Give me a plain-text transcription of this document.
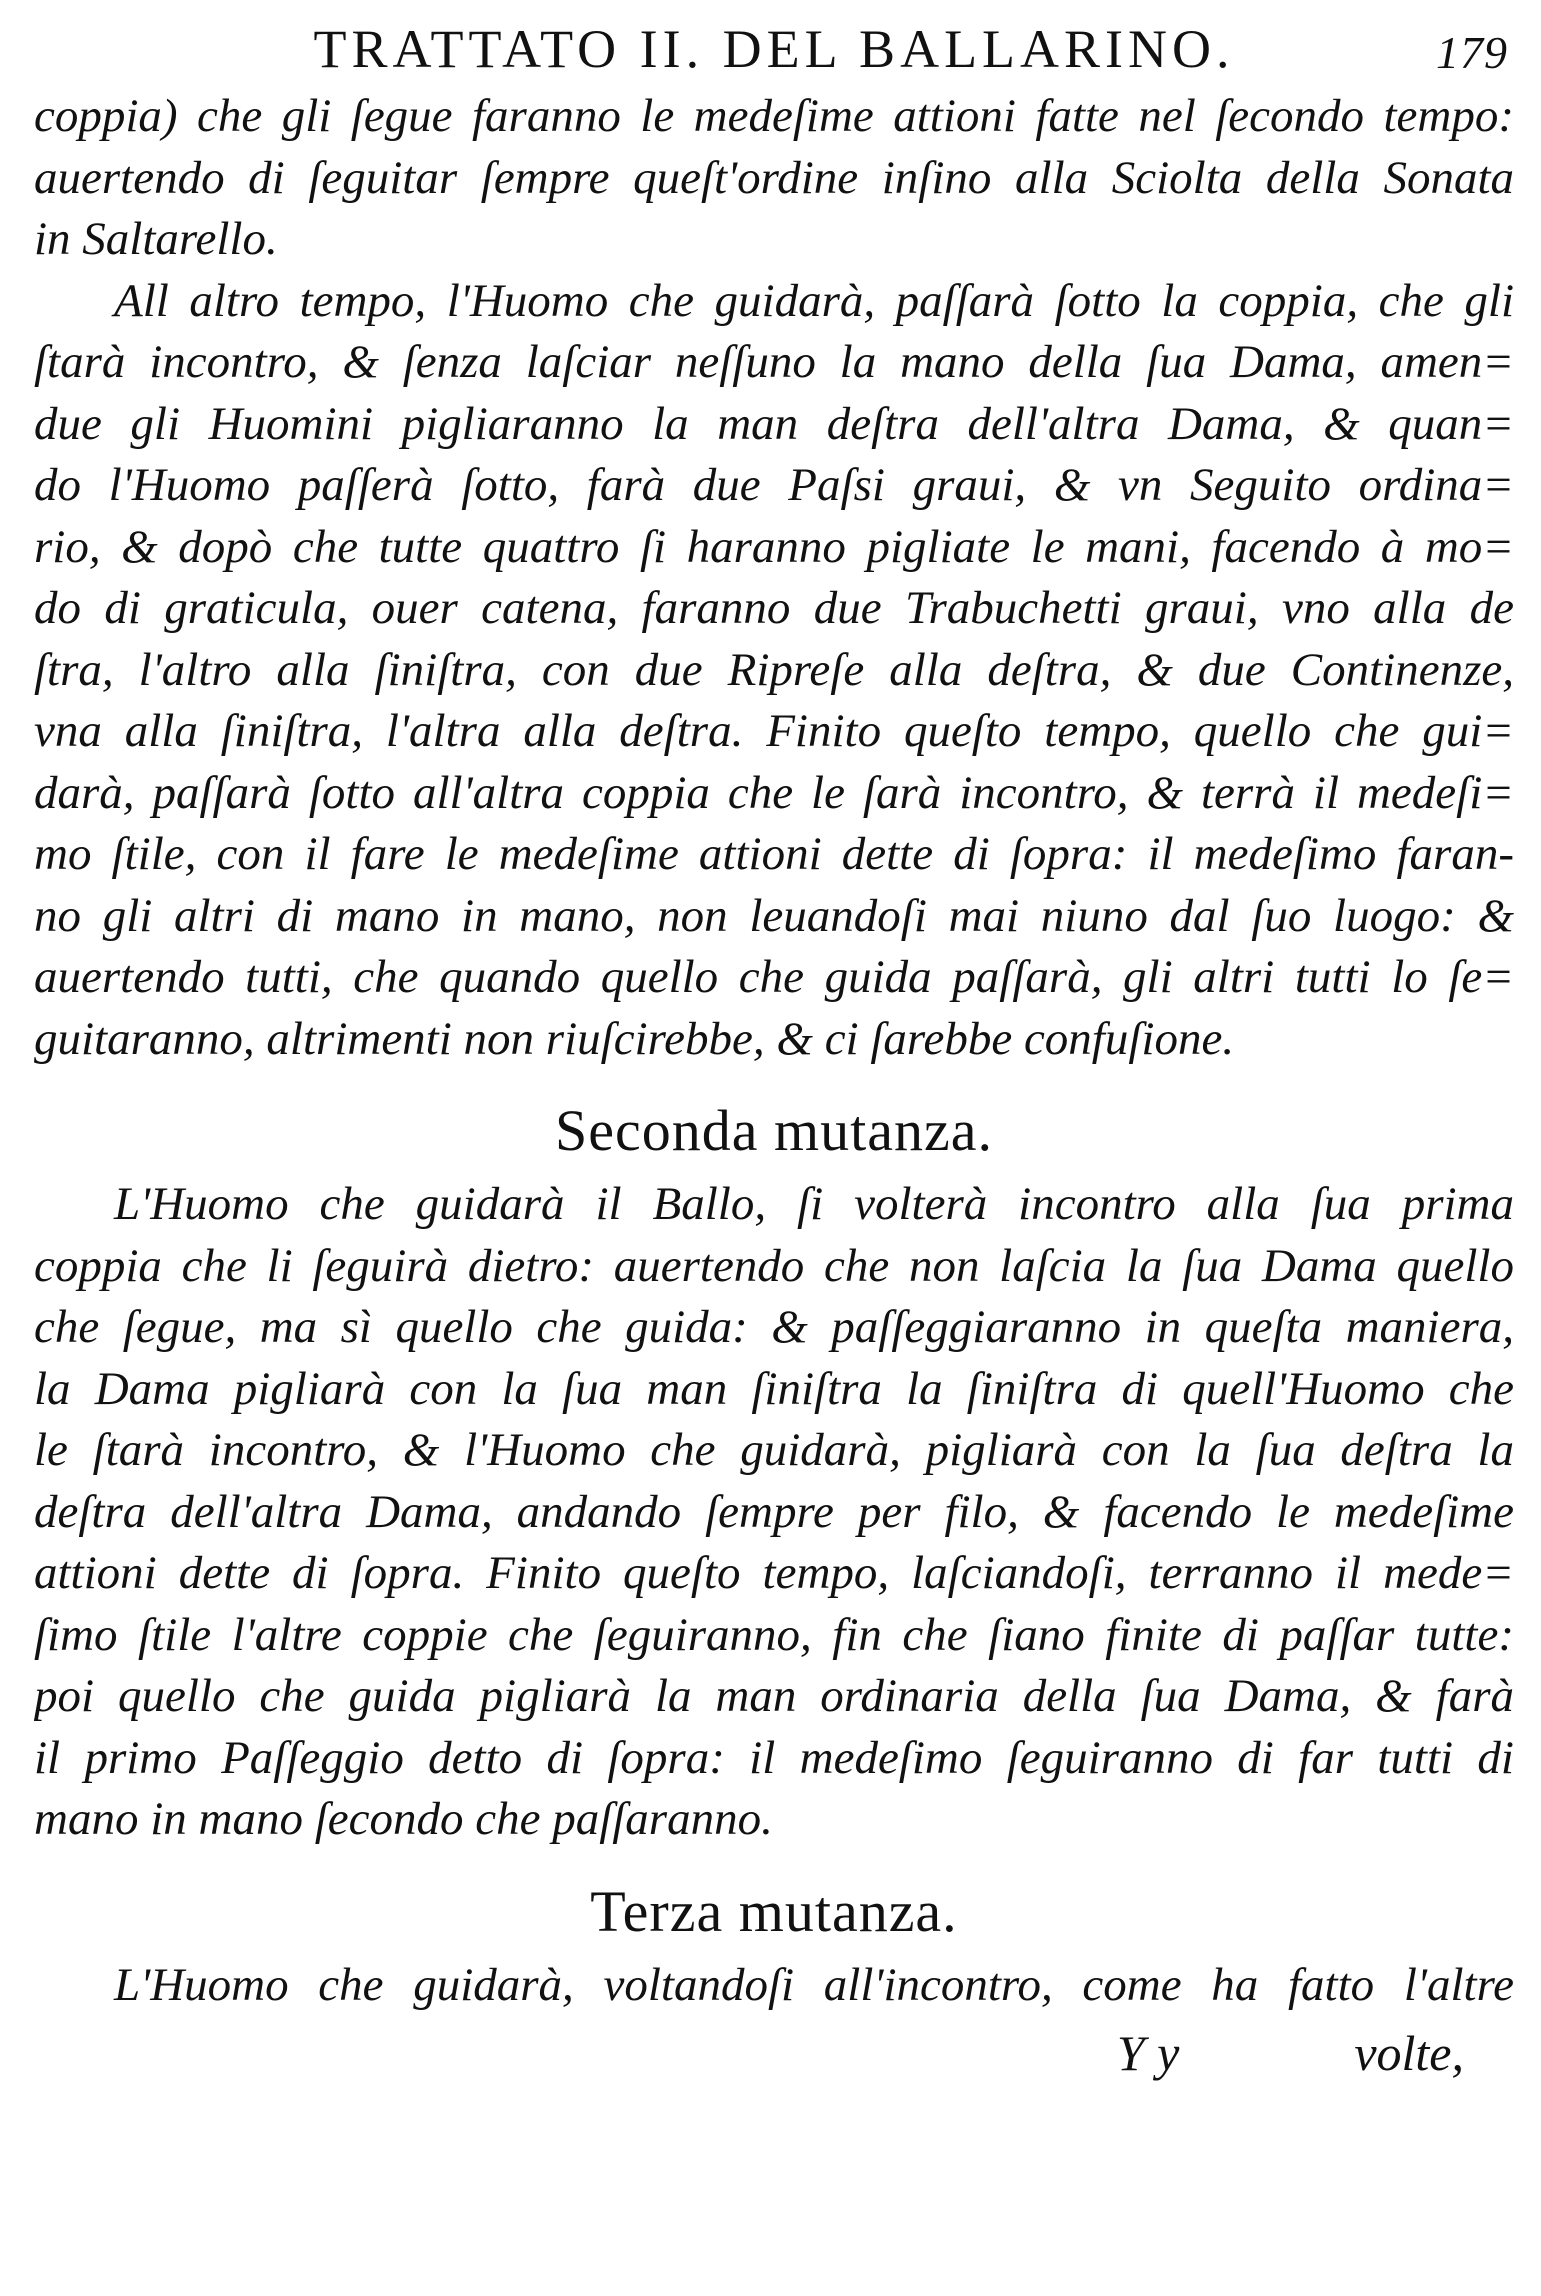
TRATTATO II. DEL BALLARINO.	179
coppia) che gli ſegue faranno le medeſime attioni fatte nel ſecondo tempo:
auertendo di ſeguitar ſempre queſt'ordine inſino alla Sciolta della Sonata
in Saltarello.
All altro tempo, l'Huomo che guidarà, paſſarà ſotto la coppia, che gli
ſtarà incontro, & ſenza laſciar neſſuno la mano della ſua Dama, amen=
due gli Huomini pigliaranno la man deſtra dell'altra Dama, & quan=
do l'Huomo paſſerà ſotto, farà due Paſsi graui, & vn Seguito ordina=
rio, & dopò che tutte quattro ſi haranno pigliate le mani, facendo à mo=
do di graticula, ouer catena, faranno due Trabuchetti graui, vno alla de
ſtra, l'altro alla ſiniſtra, con due Ripreſe alla deſtra, & due Continenze,
vna alla ſiniſtra, l'altra alla deſtra. Finito queſto tempo, quello che gui=
darà, paſſarà ſotto all'altra coppia che le ſarà incontro, & terrà il medeſi=
mo ſtile, con il fare le medeſime attioni dette di ſopra: il medeſimo faran-
no gli altri di mano in mano, non leuandoſi mai niuno dal ſuo luogo: &
auertendo tutti, che quando quello che guida paſſarà, gli altri tutti lo ſe=
guitaranno, altrimenti non riuſcirebbe, & ci ſarebbe confuſione.
Seconda mutanza.
L'Huomo che guidarà il Ballo, ſi volterà incontro alla ſua prima
coppia che li ſeguirà dietro: auertendo che non laſcia la ſua Dama quello
che ſegue, ma sì quello che guida: & paſſeggiaranno in queſta maniera,
la Dama pigliarà con la ſua man ſiniſtra la ſiniſtra di quell'Huomo che
le ſtarà incontro, & l'Huomo che guidarà, pigliarà con la ſua deſtra la
deſtra dell'altra Dama, andando ſempre per filo, & facendo le medeſime
attioni dette di ſopra. Finito queſto tempo, laſciandoſi, terranno il mede=
ſimo ſtile l'altre coppie che ſeguiranno, fin che ſiano finite di paſſar tutte:
poi quello che guida pigliarà la man ordinaria della ſua Dama, & farà
il primo Paſſeggio detto di ſopra: il medeſimo ſeguiranno di far tutti di
mano in mano ſecondo che paſſaranno.
Terza mutanza.
L'Huomo che guidarà, voltandoſi all'incontro, come ha fatto l'altre
Y y	volte,
